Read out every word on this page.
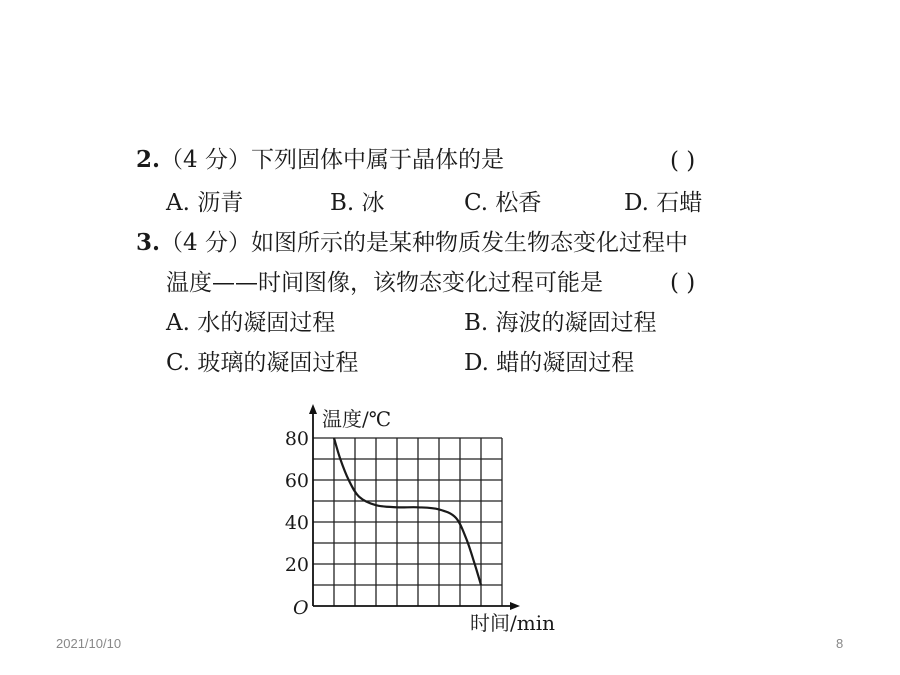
2.（4 分）下列固体中属于晶体的是	( )
A. 沥青	B. 冰	C. 松香	D. 石蜡
3.（4 分）如图所示的是某种物质发生物态变化过程中
温度——时间图像，该物态变化过程可能是	( )
A. 水的凝固过程	B. 海波的凝固过程
C. 玻璃的凝固过程	D. 蜡的凝固过程
20
40
60
80
温度/℃
时间/min
O
2021/10/10	8
